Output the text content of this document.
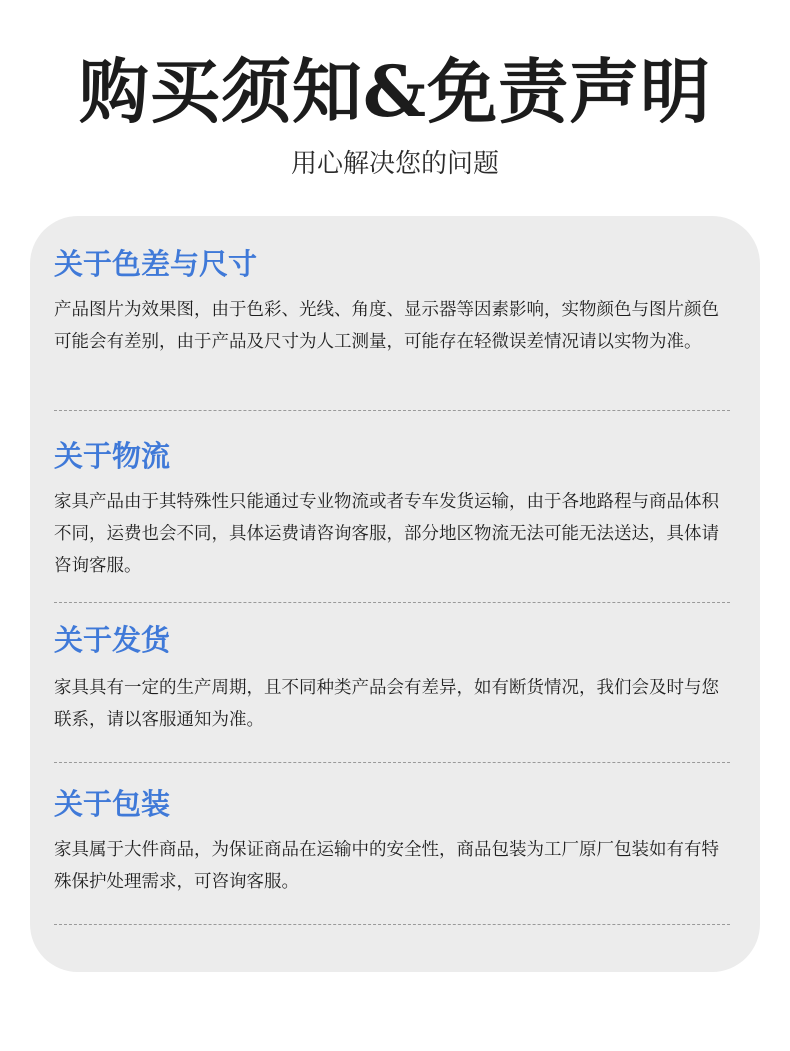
购买须知&免责声明
用心解决您的问题
关于色差与尺寸

产品图片为效果图，由于色彩、光线、角度、显示器等因素影响，实物颜色与图片颜色可能会有差别，由于产品及尺寸为人工测量，可能存在轻微误差情况请以实物为准。

关于物流

家具产品由于其特殊性只能通过专业物流或者专车发货运输，由于各地路程与商品体积不同，运费也会不同，具体运费请咨询客服，部分地区物流无法可能无法送达，具体请咨询客服。

关于发货

家具具有一定的生产周期，且不同种类产品会有差异，如有断货情况，我们会及时与您联系，请以客服通知为准。

关于包装

家具属于大件商品，为保证商品在运输中的安全性，商品包装为工厂原厂包装如有有特殊保护处理需求，可咨询客服。
